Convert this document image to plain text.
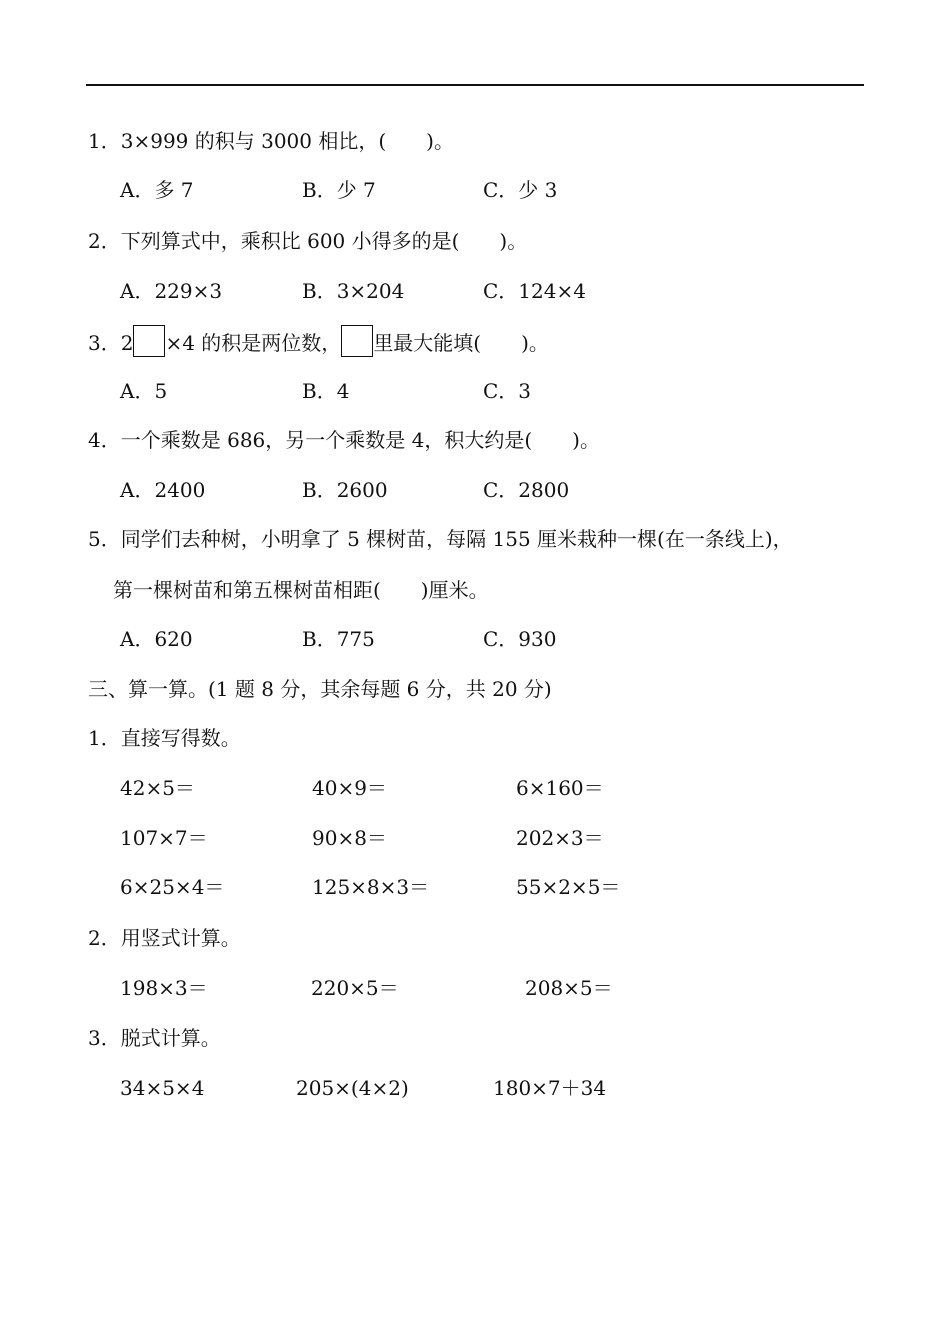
1．3×999 的积与 3000 相比，(　　)。
A．多 7	B．少 7	C．少 3
2．下列算式中，乘积比 600 小得多的是(　　)。
A．229×3	B．3×204	C．124×4
3．2 ×4 的积是两位数， 里最大能填(　　)。
A．5	B．4	C．3
4．一个乘数是 686，另一个乘数是 4，积大约是(　　)。
A．2400	B．2600	C．2800
5．同学们去种树，小明拿了 5 棵树苗，每隔 155 厘米栽种一棵(在一条线上)，
第一棵树苗和第五棵树苗相距(　　)厘米。
A．620	B．775	C．930
三、算一算。(1 题 8 分，其余每题 6 分，共 20 分)
1．直接写得数。
42×5＝	40×9＝	6×160＝
107×7＝	90×8＝	202×3＝
6×25×4＝	125×8×3＝	55×2×5＝
2．用竖式计算。
198×3＝	220×5＝	208×5＝
3．脱式计算。
34×5×4	205×(4×2)	180×7＋34
